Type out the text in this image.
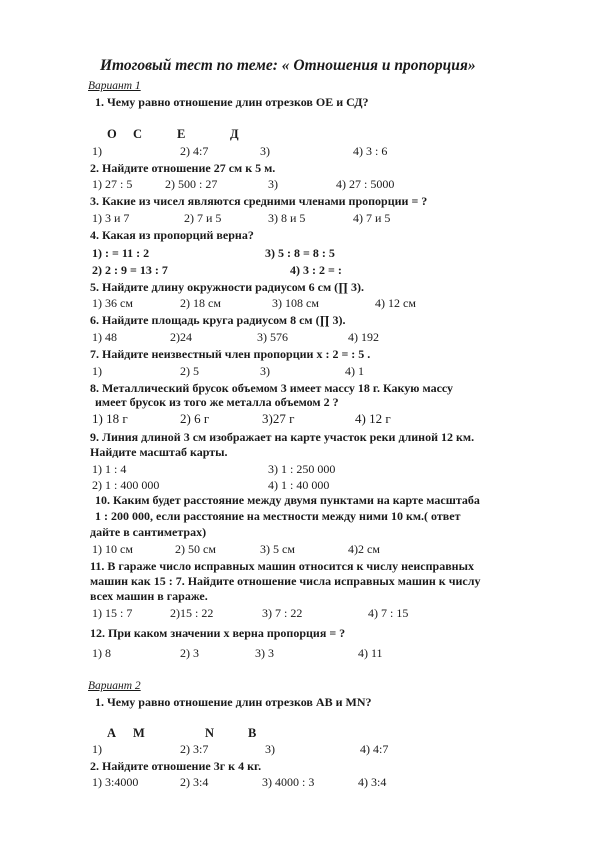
Итоговый тест по теме: « Отношения и пропорция»
Вариант 1
1. Чему равно отношение длин отрезков OE и СД?
О С	Е	Д
1)	2) 4:7	3)	4) 3 : 6
2. Найдите отношение 27 см к 5 м.
1) 27 : 5	2) 500 : 27	3)	4) 27 : 5000
3. Какие из чисел являются средними членами пропорции = ?
1) 3 и 7	2) 7 и 5	3) 8 и 5	4) 7 и 5
4. Какая из пропорций верна?
1) : = 11 : 2	3) 5 : 8 = 8 : 5
2) 2 : 9 = 13 : 7	4) 3 : 2 = :
5. Найдите длину окружности радиусом 6 см (∏ 3).
1) 36 см	2) 18 см	3) 108 см	4) 12 см
6. Найдите площадь круга радиусом 8 см (∏ 3).
1) 48	2)24	3) 576	4) 192
7. Найдите неизвестный член пропорции x : 2 = : 5 .
1)	2) 5	3)	4) 1
8. Металлический брусок объемом 3 имеет массу 18 г. Какую массу
имеет брусок из того же металла объемом 2 ?
1) 18 г	2) 6 г	3)27 г	4) 12 г
9. Линия длиной 3 см изображает на карте участок реки длиной 12 км.
Найдите масштаб карты.
1) 1 : 4	3) 1 : 250 000
2) 1 : 400 000	4) 1 : 40 000
10. Каким будет расстояние между двумя пунктами на карте масштаба
1 : 200 000, если расстояние на местности между ними 10 км.( ответ
дайте в сантиметрах)
1) 10 см	2) 50 см	3) 5 см	4)2 см
11. В гараже число исправных машин относится к числу неисправных
машин как 15 : 7. Найдите отношение числа исправных машин к числу
всех машин в гараже.
1) 15 : 7	2)15 : 22	3) 7 : 22	4) 7 : 15
12. При каком значении x верна пропорция = ?
1) 8	2) 3	3) 3	4) 11
Вариант 2
1. Чему равно отношение длин отрезков AB и MN?
A M	N	B
1)	2) 3:7	3)	4) 4:7
2. Найдите отношение 3г к 4 кг.
1) 3:4000	2) 3:4	3) 4000 : 3	4) 3:4
